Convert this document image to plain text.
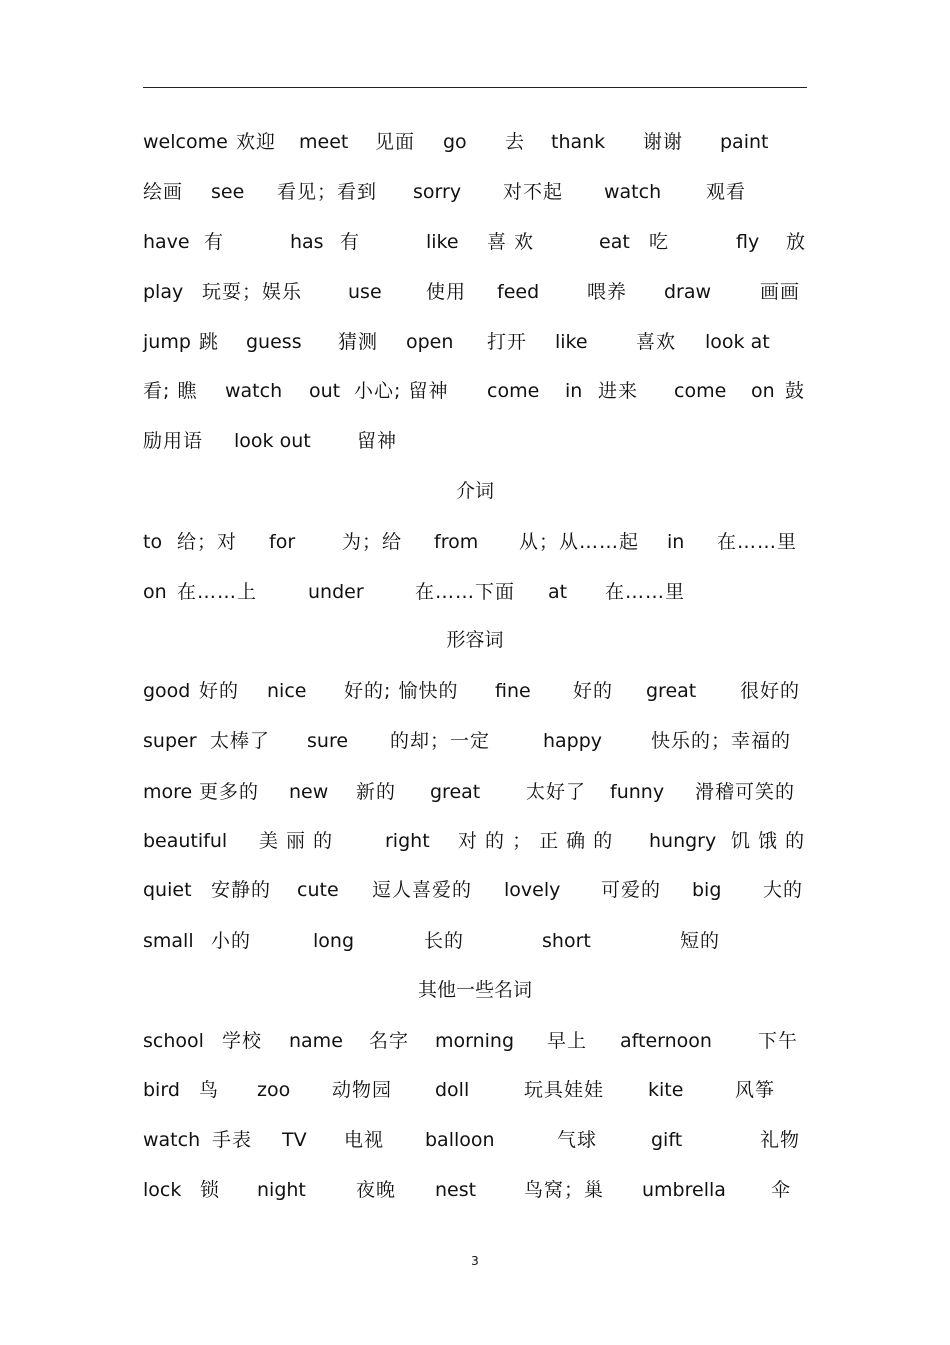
welcome 欢迎 meet 见面 go 去 thank 谢谢 paint
绘画 see 看见；看到 sorry 对不起 watch 观看
have 有	has 有	like 喜 欢	eat 吃	fly 放
play 玩耍；娱乐 use 使用 feed	喂养 draw	画画
jump 跳 guess 猜测 open 打开 like	喜欢 look at
看; 瞧 watch out 小心; 留神 come in 进来 come on 鼓
励用语 look out 留神
介词
to 给；对 for 为；给 from 从；从……起 in 在……里
on 在……上	under	在……下面 at 在……里
形容词
good 好的 nice 好的; 愉快的 fine 好的 great 很好的
super 太棒了 sure 的却；一定	happy	快乐的；幸福的
more 更多的 new 新的 great 太好了 funny 滑稽可笑的
beautiful 美 丽 的	right 对 的 ； 正 确 的 hungry 饥 饿 的
quiet 安静的 cute 逗人喜爱的 lovely 可爱的 big 大的
small 小的	long	长的	short	短的
其他一些名词
school 学校 name 名字 morning 早上 afternoon 下午
bird 鸟 zoo 动物园 doll	玩具娃娃 kite	风筝
watch 手表 TV 电视 balloon	气球	gift	礼物
lock 锁 night	夜晚 nest	鸟窝；巢 umbrella 伞
3
